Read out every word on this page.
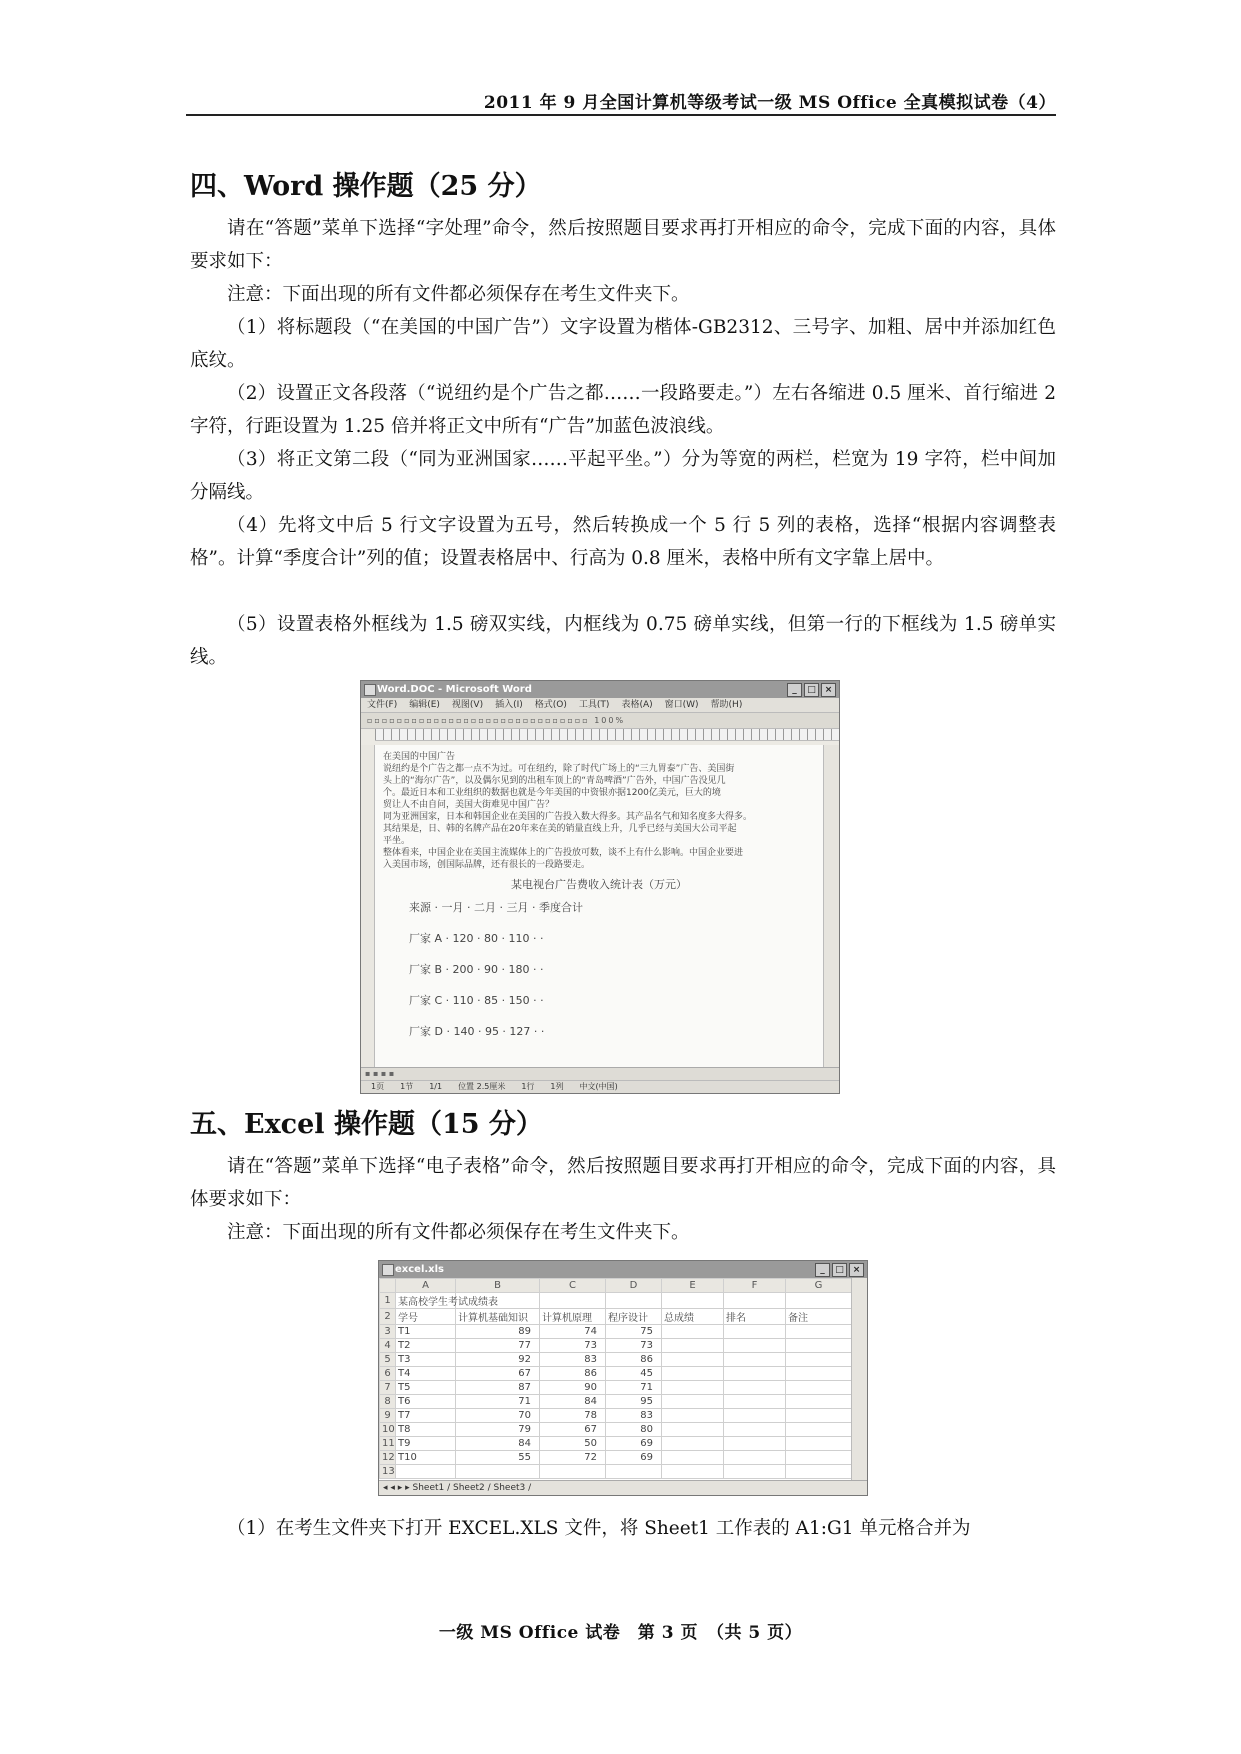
2011 年 9 月全国计算机等级考试一级 MS Office 全真模拟试卷（4）
四、Word 操作题（25 分）
请在“答题”菜单下选择“字处理”命令，然后按照题目要求再打开相应的命令，完成下面的内容，具体要求如下：
注意：下面出现的所有文件都必须保存在考生文件夹下。
（1）将标题段（“在美国的中国广告”）文字设置为楷体-GB2312、三号字、加粗、居中并添加红色底纹。
（2）设置正文各段落（“说纽约是个广告之都……一段路要走。”）左右各缩进 0.5 厘米、首行缩进 2 字符，行距设置为 1.25 倍并将正文中所有“广告”加蓝色波浪线。
（3）将正文第二段（“同为亚洲国家……平起平坐。”）分为等宽的两栏，栏宽为 19 字符，栏中间加分隔线。
（4）先将文中后 5 行文字设置为五号，然后转换成一个 5 行 5 列的表格，选择“根据内容调整表格”。计算“季度合计”列的值；设置表格居中、行高为 0.8 厘米，表格中所有文字靠上居中。
（5）设置表格外框线为 1.5 磅双实线，内框线为 0.75 磅单实线，但第一行的下框线为 1.5 磅单实线。
Word.DOC - Microsoft Word	_	□ ×
文件(F) 编辑(E) 视图(V) 插入(I) 格式(O) 工具(T) 表格(A) 窗口(W) 帮助(H)
▫▫▫▫▫▫▫▫▫▫▫▫▫▫▫▫▫▫▫▫▫▫▫▫▫▫▫▫▫▫ 100%
在美国的中国广告
说纽约是个广告之都一点不为过。可在纽约，除了时代广场上的“三九胃泰”广告、美国街
头上的“海尔广告”，以及偶尔见到的出租车顶上的“青岛啤酒”广告外，中国广告没见几
个。最近日本和工业组织的数据也就是今年美国的中资银亦据1200亿美元，巨大的境
贸让人不由自问，美国大街难见中国广告？
同为亚洲国家，日本和韩国企业在美国的广告投入数大得多。其产品名气和知名度多大得多。
其结果是，日、韩的名牌产品在20年来在美的销量直线上升，几乎已经与美国大公司平起
平坐。
整体看来，中国企业在美国主流媒体上的广告投放可数，谈不上有什么影响。中国企业要进
入美国市场，创国际品牌，还有很长的一段路要走。
某电视台广告费收入统计表（万元）
来源 · 一月 · 二月 · 三月 · 季度合计
厂家 A · 120 · 80 · 110 · ·
厂家 B · 200 · 90 · 180 · ·
厂家 C · 110 · 85 · 150 · ·
厂家 D · 140 · 95 · 127 · ·
▪ ▪ ▪ ▪
1页 1节 1/1 位置 2.5厘米 1行 1列 中文(中国)
五、Excel 操作题（15 分）
请在“答题”菜单下选择“电子表格”命令，然后按照题目要求再打开相应的命令，完成下面的内容，具体要求如下：
注意：下面出现的所有文件都必须保存在考生文件夹下。
excel.xls	_	□ ×
	A	B	C	D	E	F	G
1	某高校学生考试成绩表						
2	学号	计算机基础知识	计算机原理	程序设计	总成绩	排名	备注
3	T1	89	74	75			
4	T2	77	73	73			
5	T3	92	83	86			
6	T4	67	86	45			
7	T5	87	90	71			
8	T6	71	84	95			
9	T7	70	78	83			
10	T8	79	67	80			
11	T9	84	50	69			
12	T10	55	72	69			
13							
◂ ◂ ▸ ▸ Sheet1 / Sheet2 / Sheet3 /
（1）在考生文件夹下打开 EXCEL.XLS 文件，将 Sheet1 工作表的 A1:G1 单元格合并为
一级 MS Office 试卷　第 3 页　（共 5 页）
